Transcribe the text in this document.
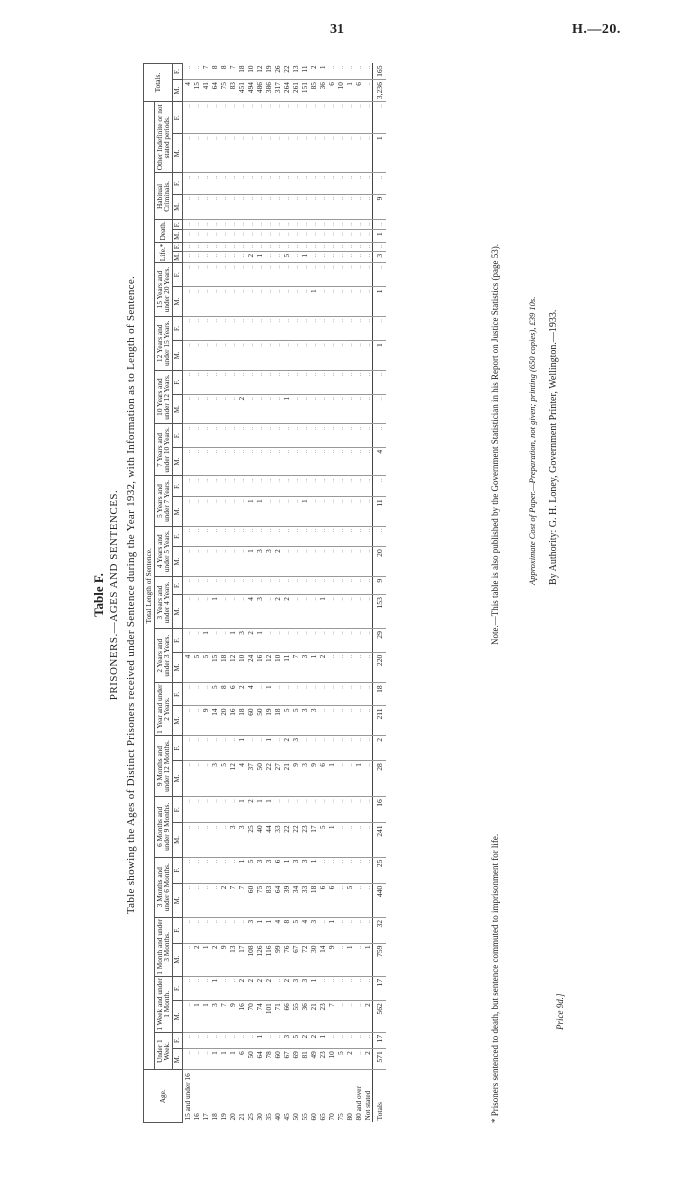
31	H.—20.
Table F. PRISONERS.—AGES AND SENTENCES. Table showing the Ages of Distinct Prisoners received under Sentence during the Year 1932, with Information as to Length of Sentence.
Age.	Total Length of Sentence.																																						Totals.	
	Under 1 Week.		1 Week and under 1 Month.		1 Month and under 3 Months.		3 Months and under 6 Months.		6 Months and under 9 Months.		9 Months and under 12 Months.		1 Year and under 2 Years.		2 Years and under 3 Years.		3 Years and under 4 Years.		4 Years and under 5 Years.		5 Years and under 7 Years.		7 Years and under 10 Years.		10 Years and under 12 Years.		12 Years and under 15 Years.		15 Years and under 20 Years.		Life.*		Death.		Habitual Criminals.		Other Indefinite or not stated periods.			
	M.	F.	M.	F.	M.	F.	M.	F.	M.	F.	M.	F.	M.	F.	M.	F.	M.	F.	M.	F.	M.	F.	M.	F.	M.	F.	M.	F.	M.	F.	M.	F.	M.	F.	M.	F.	M.	F.	M.	F.
15 and under 16	..	..	..	..	..	..	..	..	..	..	..	..	..	..	4	..	..	..	..	..	..	..	..	..	..	..	..	..	..	..	..	..	..	..	..	..	..	..	4	..
16	..	..	1	..	2	..	..	..	..	..	..	..	..	..	5	..	..	..	..	..	..	..	..	..	..	..	..	..	..	..	..	..	..	..	..	..	..	..	15	..
17	..	..	1	..	1	..	..	..	..	..	..	..	9	..	5	1	..	..	..	..	..	..	..	..	..	..	..	..	..	..	..	..	..	..	..	..	..	..	41	7
18	1	..	3	1	2	..	..	..	..	..	3	..	14	5	15	..	1	..	..	..	..	..	..	..	..	..	..	..	..	..	..	..	..	..	..	..	..	..	64	8
19	1	..	7	..	9	..	2	..	..	..	5	..	20	8	18	..	..	..	..	..	..	..	..	..	..	..	..	..	..	..	..	..	..	..	..	..	..	..	75	8
20	1	..	9	..	13	..	7	..	3	..	12	..	16	6	12	1	..	..	..	..	..	..	..	..	..	..	..	..	..	..	..	..	..	..	..	..	..	..	83	7
21	6	..	16	2	17	..	7	1	3	1	4	1	18	2	10	3	..	..	..	..	..	..	..	..	2	..	..	..	..	..	..	..	..	..	..	..	..	..	451	18
25	50	..	70	2	108	3	60	5	25	2	37	..	60	4	24	2	4	..	1	..	1	..	..	..	..	..	..	..	..	..	2	..	..	..	..	..	..	..	494	10
30	64	1	74	2	126	1	75	3	40	1	50	..	50	..	16	1	3	..	3	..	1	..	..	..	..	..	..	..	..	..	1	..	..	..	..	..	..	..	486	12
35	78	..	101	2	116	1	83	3	44	1	22	1	19	1	12	..	..	..	3	..	..	..	..	..	..	..	..	..	..	..	..	..	..	..	..	..	..	..	386	19
40	60	..	71	..	99	4	64	6	33	..	27	..	18	..	10	..	2	..	2	..	..	..	..	..	..	..	..	..	..	..	..	..	..	..	..	..	..	..	317	26
45	67	3	66	2	76	8	39	1	22	..	21	2	5	..	11	..	2	..	..	..	..	..	..	..	1	..	..	..	..	..	5	..	..	..	..	..	..	..	264	22
50	69	5	55	3	67	5	34	3	22	..	9	3	5	..	7	..	..	..	..	..	..	..	..	..	..	..	..	..	..	..	..	..	..	..	..	..	..	..	261	13
55	81	2	36	3	72	4	33	3	23	..	3	..	3	..	3	..	..	..	..	..	1	..	..	..	..	..	..	..	..	..	1	..	..	..	..	..	..	..	151	11
60	49	2	21	1	30	3	18	1	17	..	9	..	3	..	1	..	..	..	..	..	..	..	..	..	..	..	..	..	1	..	..	..	..	..	..	..	..	..	85	2
65	23	1	23	..	14	..	6	..	5	..	6	..	..	..	2	..	1	..	..	..	..	..	..	..	..	..	..	..	..	..	..	..	..	..	..	..	..	..	36	1
70	10	..	7	..	9	1	6	..	1	..	1	..	..	..	..	..	..	..	..	..	..	..	..	..	..	..	..	..	..	..	..	..	..	..	..	..	..	..	6	..
75	5	..	..	..	..	..	..	..	..	..	..	..	..	..	..	..	..	..	..	..	..	..	..	..	..	..	..	..	..	..	..	..	..	..	..	..	..	..	10	..
80	2	..	..	..	1	..	5	..	..	..	..	..	..	..	..	..	..	..	..	..	..	..	..	..	..	..	..	..	..	..	..	..	..	..	..	..	..	..	1	..
80 and over	..	..	..	..	..	..	..	..	..	..	1	..	..	..	..	..	..	..	..	..	..	..	..	..	..	..	..	..	..	..	..	..	..	..	..	..	..	..	6	..
Not stated	2	..	2	..	1	..	..	..	..	..	..	..	..	..	..	..	..	..	..	..	..	..	..	..	..	..	..	..	..	..	..	..	..	..	..	..	..	..	..	..
Totals	571	17	562	17	759	32	440	25	241	16	28	2	211	18	220	29	153	9	20	..	11	..	4	..	..	..	1	..	1	..	3	..	1	..	9	..	1	..	3,236	165
* Prisoners sentenced to death, but sentence commuted to imprisonment for life.
Note.—This table is also published by the Government Statistician in his Report on Justice Statistics (page 53).
Price 9d.]
Approximate Cost of Paper.—Preparation, not given; printing (650 copies), £39 10s. By Authority: G. H. Loney, Government Printer, Wellington.—1933.
